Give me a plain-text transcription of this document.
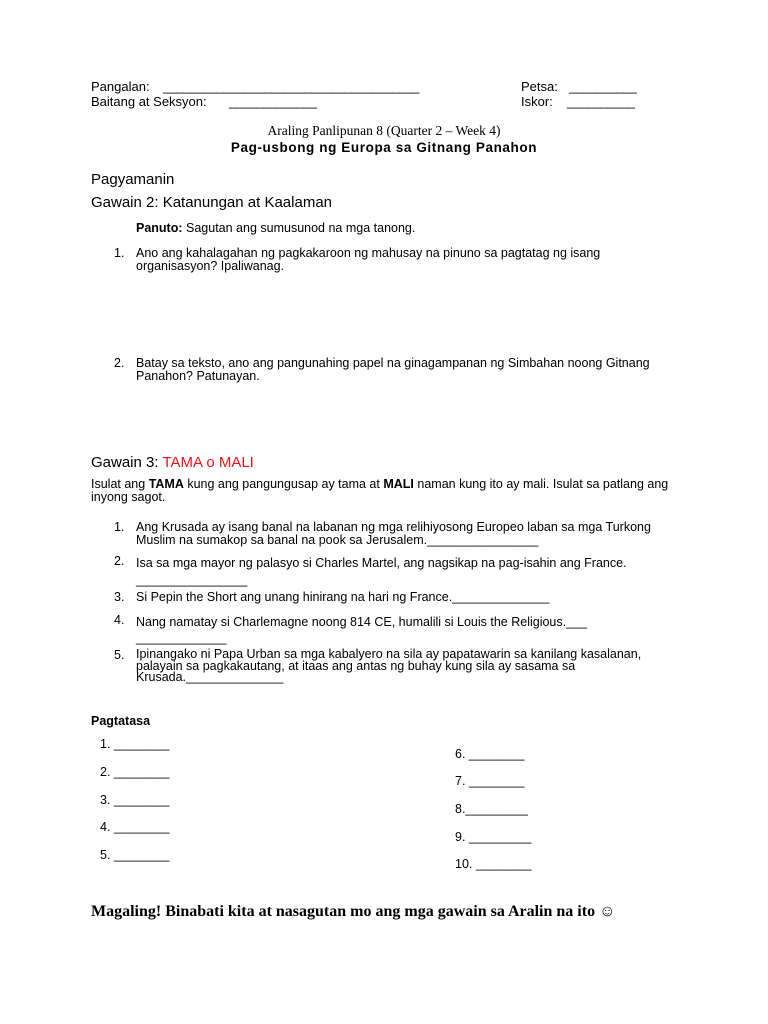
Pangalan: ______________________________________	Petsa: __________
Baitang at Seksyon: _____________	Iskor: __________
Araling Panlipunan 8 (Quarter 2 – Week 4)
Pag-usbong ng Europa sa Gitnang Panahon
Pagyamanin
Gawain 2: Katanungan at Kaalaman
Panuto: Sagutan ang sumusunod na mga tanong.
1. Ano ang kahalagahan ng pagkakaroon ng mahusay na pinuno sa pagtatag ng isang organisasyon? Ipaliwanag.
2. Batay sa teksto, ano ang pangunahing papel na ginagampanan ng Simbahan noong Gitnang Panahon? Patunayan.
Gawain 3: TAMA o MALI
Isulat ang TAMA kung ang pangungusap ay tama at MALI naman kung ito ay mali. Isulat sa patlang ang inyong sagot.
1. Ang Krusada ay isang banal na labanan ng mga relihiyosong Europeo laban sa mga Turkong Muslim na sumakop sa banal na pook sa Jerusalem.________________
2. Isa sa mga mayor ng palasyo si Charles Martel, ang nagsikap na pag-isahin ang France. ________________
3. Si Pepin the Short ang unang hinirang na hari ng France.______________
4. Nang namatay si Charlemagne noong 814 CE, humalili si Louis the Religious.___ _____________
5. Ipinangako ni Papa Urban sa mga kabalyero na sila ay papatawarin sa kanilang kasalanan, palayain sa pagkakautang, at itaas ang antas ng buhay kung sila ay sasama sa Krusada.______________
Pagtatasa
1. ________
2. ________
3. ________
4. ________
5. ________
6. ________
7. ________
8._________
9. _________
10. ________
Magaling! Binabati kita at nasagutan mo ang mga gawain sa Aralin na ito ☺
